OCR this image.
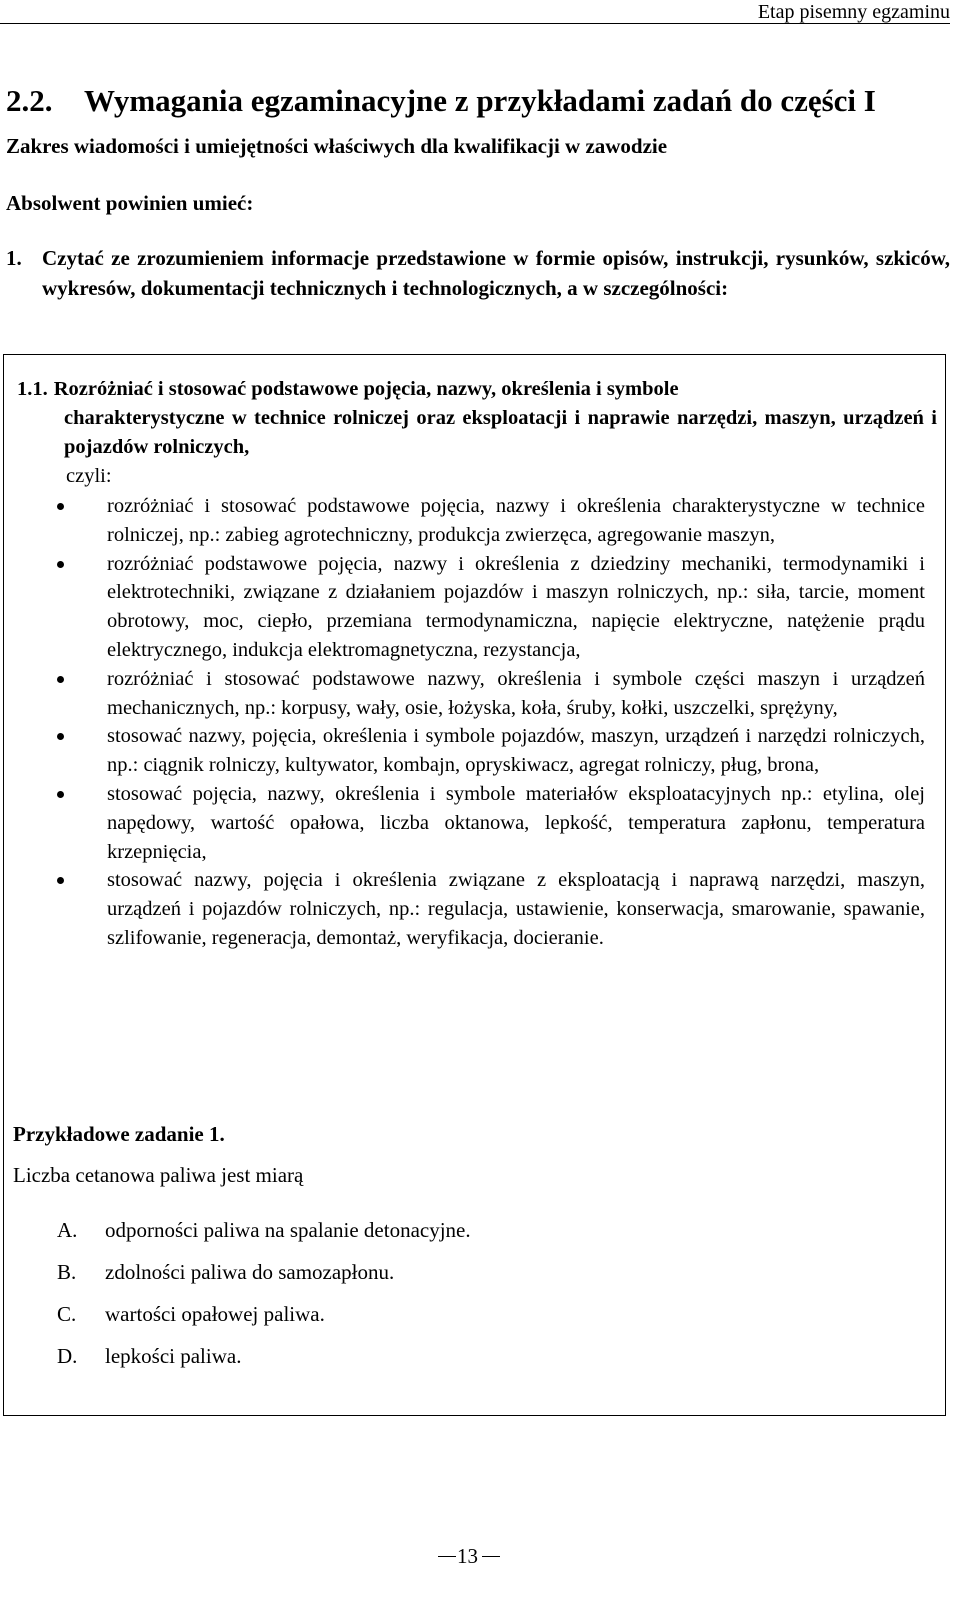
Etap pisemny egzaminu
2.2. Wymagania egzaminacyjne z przykładami zadań do części I
Zakres wiadomości i umiejętności właściwych dla kwalifikacji w zawodzie
Absolwent powinien umieć:
1. Czytać ze zrozumieniem informacje przedstawione w formie opisów, instrukcji, rysunków, szkiców, wykresów, dokumentacji technicznych i technologicznych, a w szczególności:
1.1. Rozróżniać i stosować podstawowe pojęcia, nazwy, określenia i symbole
charakterystyczne w technice rolniczej oraz eksploatacji i naprawie narzędzi, maszyn, urządzeń i pojazdów rolniczych,
czyli:
rozróżniać i stosować podstawowe pojęcia, nazwy i określenia charakterystyczne w technice rolniczej, np.: zabieg agrotechniczny, produkcja zwierzęca, agregowanie maszyn,
rozróżniać podstawowe pojęcia, nazwy i określenia z dziedziny mechaniki, termodynamiki i elektrotechniki, związane z działaniem pojazdów i maszyn rolniczych, np.: siła, tarcie, moment obrotowy, moc, ciepło, przemiana termodynamiczna, napięcie elektryczne, natężenie prądu elektrycznego, indukcja elektromagnetyczna, rezystancja,
rozróżniać i stosować podstawowe nazwy, określenia i symbole części maszyn i urządzeń mechanicznych, np.: korpusy, wały, osie, łożyska, koła, śruby, kołki, uszczelki, sprężyny,
stosować nazwy, pojęcia, określenia i symbole pojazdów, maszyn, urządzeń i narzędzi rolniczych, np.: ciągnik rolniczy, kultywator, kombajn, opryskiwacz, agregat rolniczy, pług, brona,
stosować pojęcia, nazwy, określenia i symbole materiałów eksploatacyjnych np.: etylina, olej napędowy, wartość opałowa, liczba oktanowa, lepkość, temperatura zapłonu, temperatura krzepnięcia,
stosować nazwy, pojęcia i określenia związane z eksploatacją i naprawą narzędzi, maszyn, urządzeń i pojazdów rolniczych, np.: regulacja, ustawienie, konserwacja, smarowanie, spawanie, szlifowanie, regeneracja, demontaż, weryfikacja, docieranie.
Przykładowe zadanie 1.
Liczba cetanowa paliwa jest miarą
A. odporności paliwa na spalanie detonacyjne.
B. zdolności paliwa do samozapłonu.
C. wartości opałowej paliwa.
D. lepkości paliwa.
13
